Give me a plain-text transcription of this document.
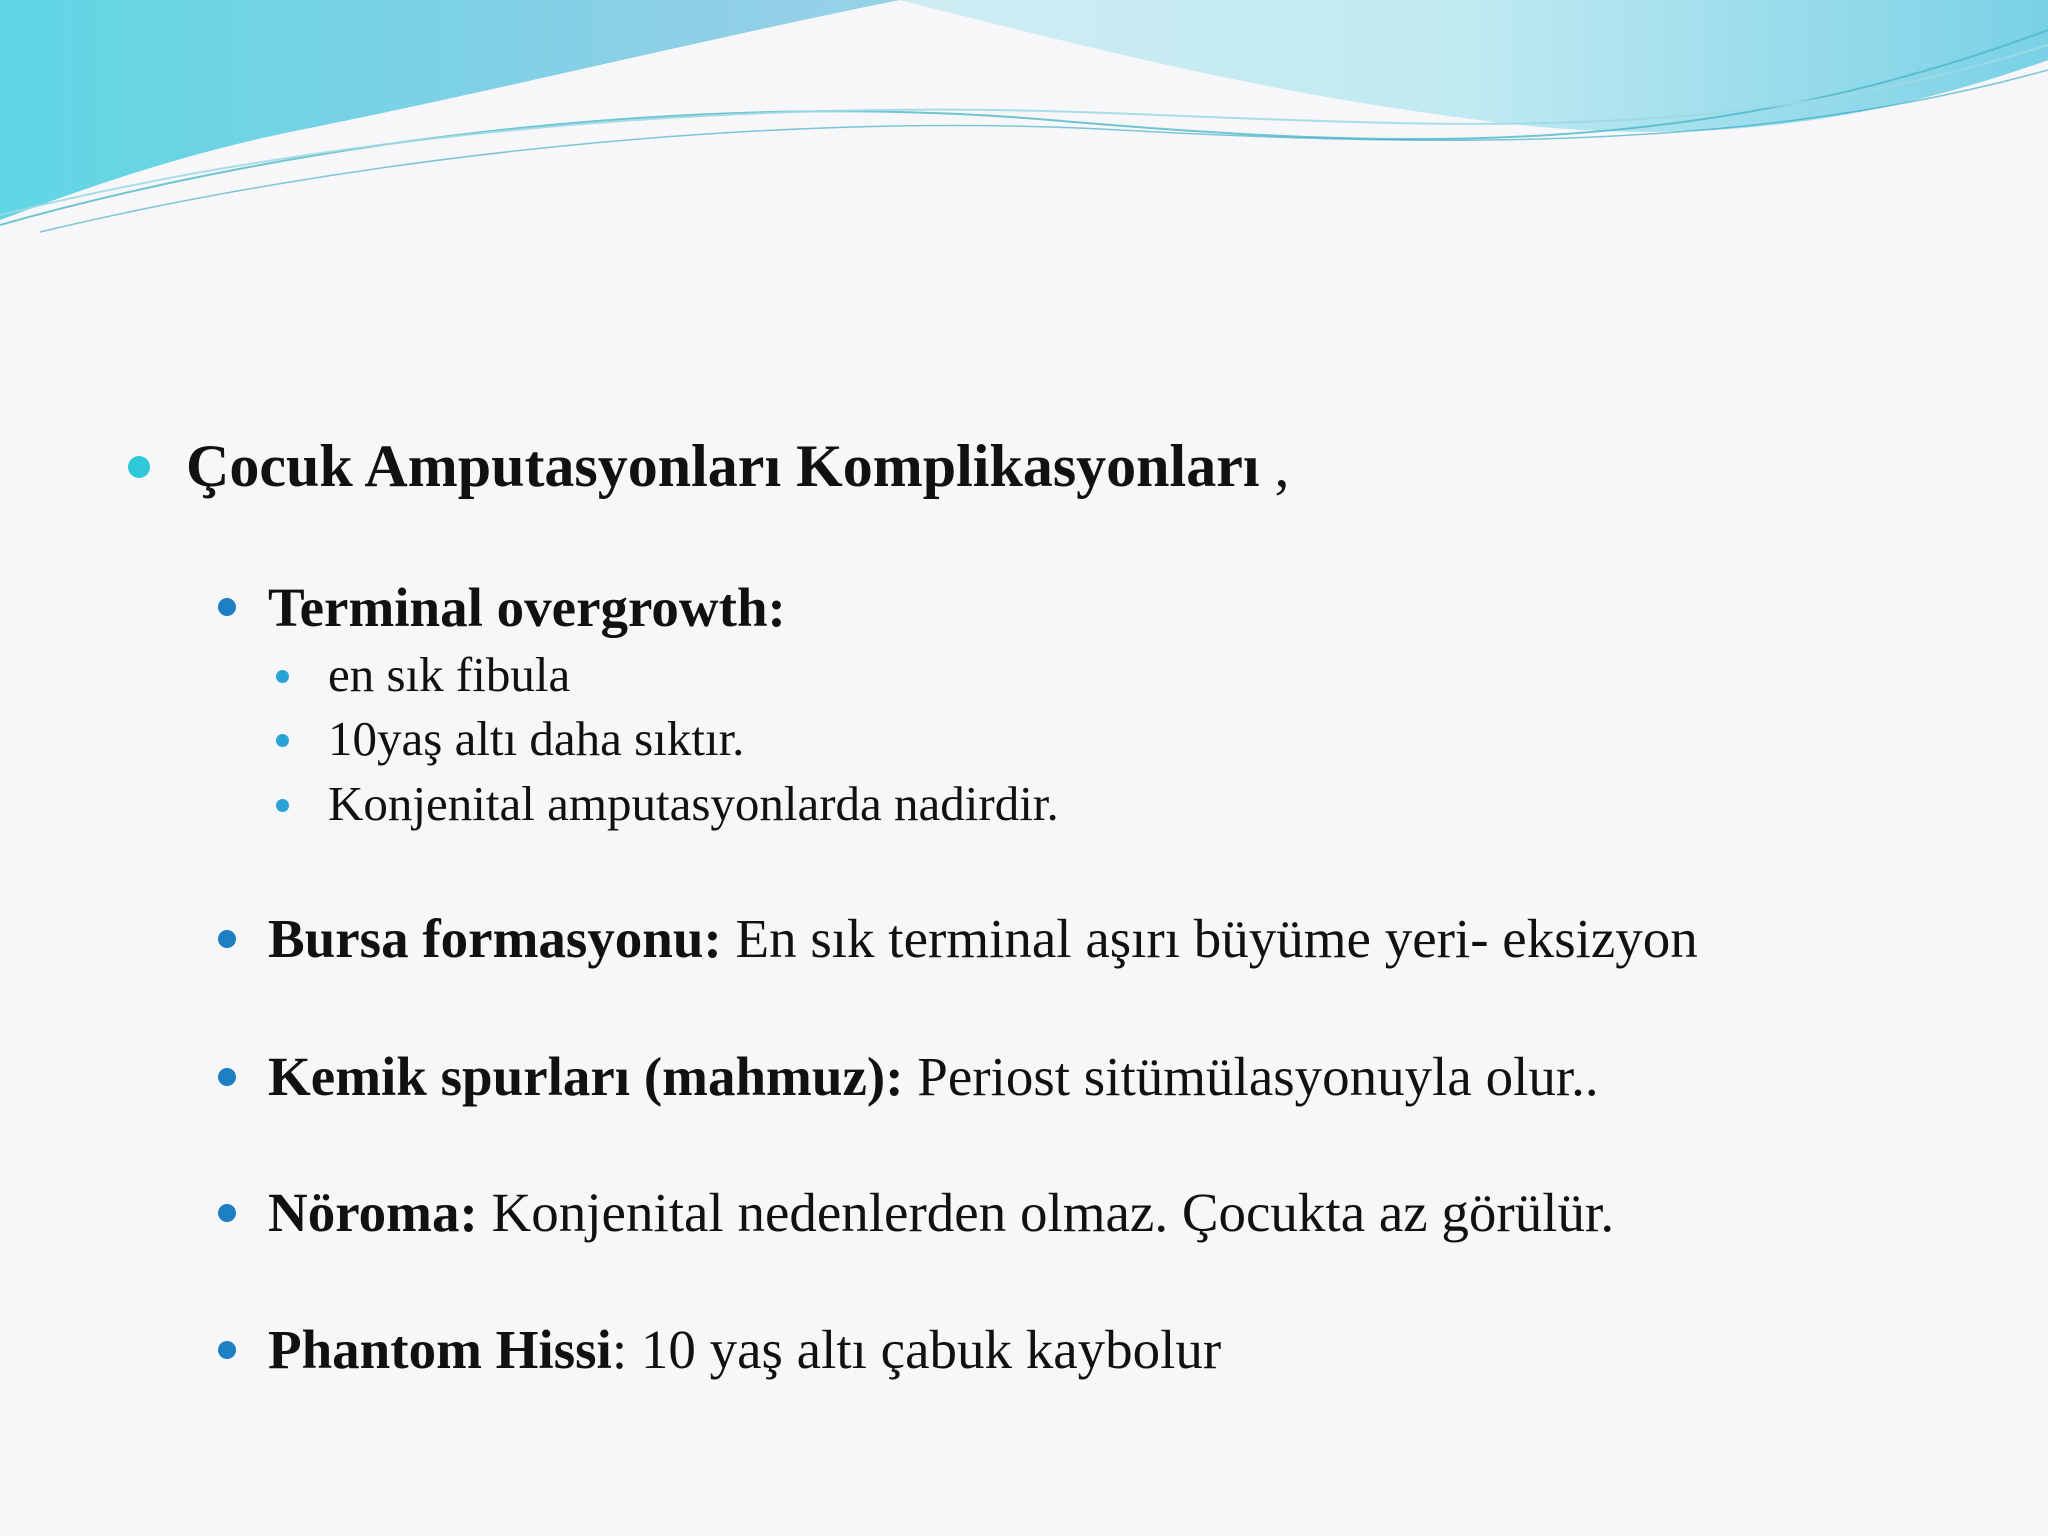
Çocuk Amputasyonları Komplikasyonları ,
Terminal overgrowth:
en sık fibula
10yaş altı daha sıktır.
Konjenital amputasyonlarda nadirdir.
Bursa formasyonu: En sık terminal aşırı büyüme yeri- eksizyon
Kemik spurları (mahmuz): Periost sitümülasyonuyla olur..
Nöroma: Konjenital nedenlerden olmaz. Çocukta az görülür.
Phantom Hissi: 10 yaş altı çabuk kaybolur
